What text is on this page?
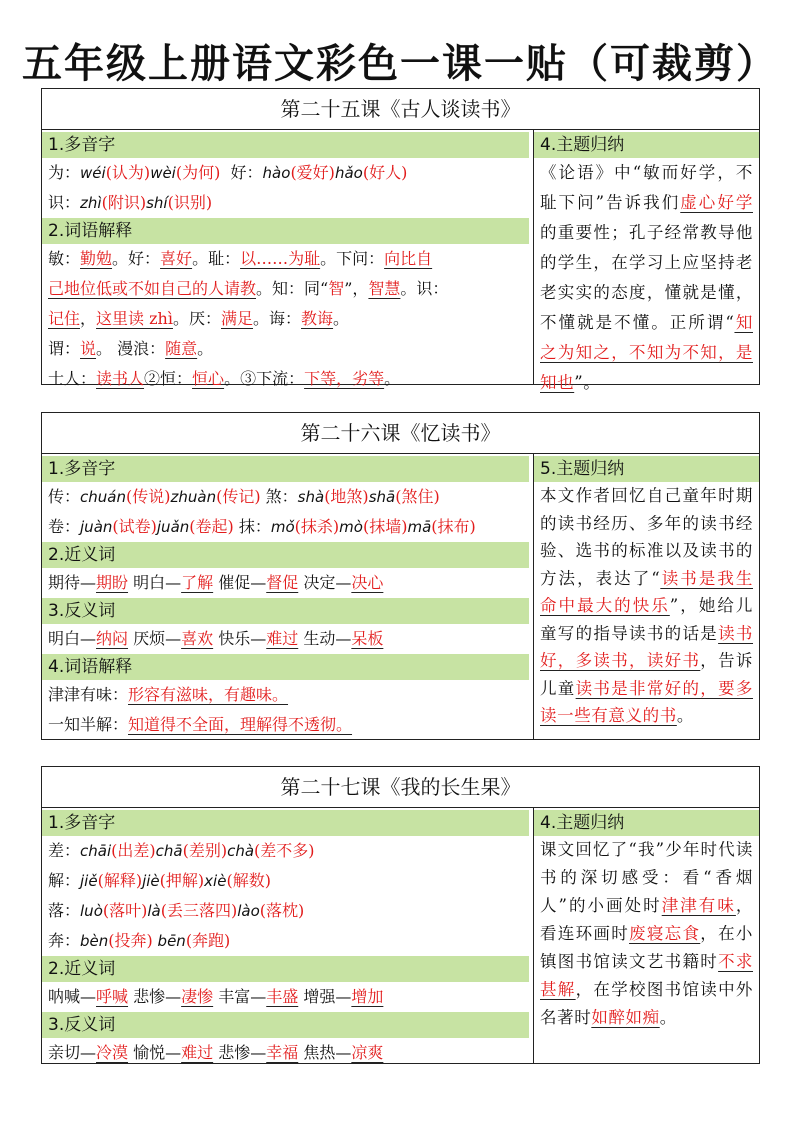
五年级上册语文彩色一课一贴（可裁剪）
第二十五课《古人谈读书》
1.多音字
为：wéi(认为)wèi(为何) 好：hào(爱好)hǎo(好人)
识：zhì(附识)shí(识别)
2.词语解释
敏：勤勉。好：喜好。耻：以……为耻。下问：向比自
己地位低或不如自己的人请教。知：同“智”，智慧。识：
记住，这里读 zhì。厌：满足。诲：教诲。
谓：说。 漫浪：随意。
士人：读书人②恒：恒心。③下流：下等，劣等。
4.主题归纳
《论语》中“敏而好学，不耻下问”告诉我们虚心好学的重要性；孔子经常教导他的学生，在学习上应坚持老老实实的态度，懂就是懂，不懂就是不懂。正所谓“知之为知之，不知为不知，是知也”。
第二十六课《忆读书》
1.多音字
传：chuán(传说)zhuàn(传记) 煞：shà(地煞)shā(煞住)
卷：juàn(试卷)juǎn(卷起) 抹：mǒ(抹杀)mò(抹墙)mā(抹布)
2.近义词
期待—期盼 明白—了解 催促—督促 决定—决心
3.反义词
明白—纳闷 厌烦—喜欢 快乐—难过 生动—呆板
4.词语解释
津津有味：形容有滋味，有趣味。
一知半解：知道得不全面，理解得不透彻。
5.主题归纳
本文作者回忆自己童年时期的读书经历、多年的读书经验、选书的标准以及读书的方法，表达了“读书是我生命中最大的快乐”，她给儿童写的指导读书的话是读书好，多读书，读好书，告诉儿童读书是非常好的，要多读一些有意义的书。
第二十七课《我的长生果》
1.多音字
差：chāi(出差)chā(差别)chà(差不多)
解：jiě(解释)jiè(押解)xiè(解数)
落：luò(落叶)là(丢三落四)lào(落枕)
奔：bèn(投奔) bēn(奔跑)
2.近义词
呐喊—呼喊 悲惨—凄惨 丰富—丰盛 增强—增加
3.反义词
亲切—冷漠 愉悦—难过 悲惨—幸福 焦热—凉爽
4.主题归纳
课文回忆了“我”少年时代读书的深切感受：看“香烟人”的小画处时津津有味，看连环画时废寝忘食，在小镇图书馆读文艺书籍时不求甚解，在学校图书馆读中外名著时如醉如痴。
